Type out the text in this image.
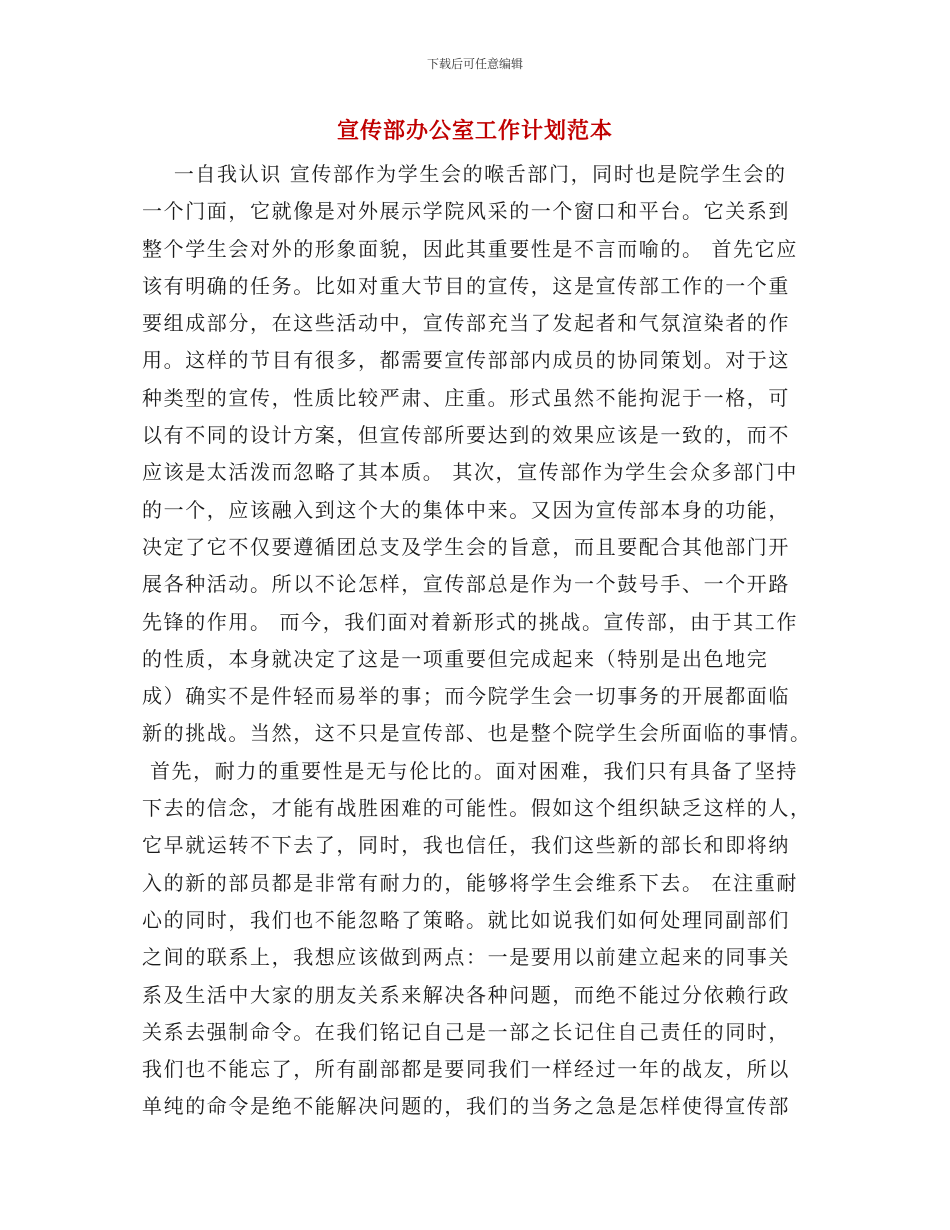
下载后可任意编辑
宣传部办公室工作计划范本
一自我认识 宣传部作为学生会的喉舌部门，同时也是院学生会的
一个门面，它就像是对外展示学院风采的一个窗口和平台。它关系到
整个学生会对外的形象面貌，因此其重要性是不言而喻的。 首先它应
该有明确的任务。比如对重大节目的宣传，这是宣传部工作的一个重
要组成部分，在这些活动中，宣传部充当了发起者和气氛渲染者的作
用。这样的节目有很多，都需要宣传部部内成员的协同策划。对于这
种类型的宣传，性质比较严肃、庄重。形式虽然不能拘泥于一格，可
以有不同的设计方案，但宣传部所要达到的效果应该是一致的，而不
应该是太活泼而忽略了其本质。 其次，宣传部作为学生会众多部门中
的一个，应该融入到这个大的集体中来。又因为宣传部本身的功能，
决定了它不仅要遵循团总支及学生会的旨意，而且要配合其他部门开
展各种活动。所以不论怎样，宣传部总是作为一个鼓号手、一个开路
先锋的作用。 而今，我们面对着新形式的挑战。宣传部，由于其工作
的性质，本身就决定了这是一项重要但完成起来（特别是出色地完
成）确实不是件轻而易举的事；而今院学生会一切事务的开展都面临
新的挑战。当然，这不只是宣传部、也是整个院学生会所面临的事情。
首先，耐力的重要性是无与伦比的。面对困难，我们只有具备了坚持
下去的信念，才能有战胜困难的可能性。假如这个组织缺乏这样的人，
它早就运转不下去了，同时，我也信任，我们这些新的部长和即将纳
入的新的部员都是非常有耐力的，能够将学生会维系下去。 在注重耐
心的同时，我们也不能忽略了策略。就比如说我们如何处理同副部们
之间的联系上，我想应该做到两点：一是要用以前建立起来的同事关
系及生活中大家的朋友关系来解决各种问题，而绝不能过分依赖行政
关系去强制命令。在我们铭记自己是一部之长记住自己责任的同时，
我们也不能忘了，所有副部都是要同我们一样经过一年的战友，所以
单纯的命令是绝不能解决问题的，我们的当务之急是怎样使得宣传部
